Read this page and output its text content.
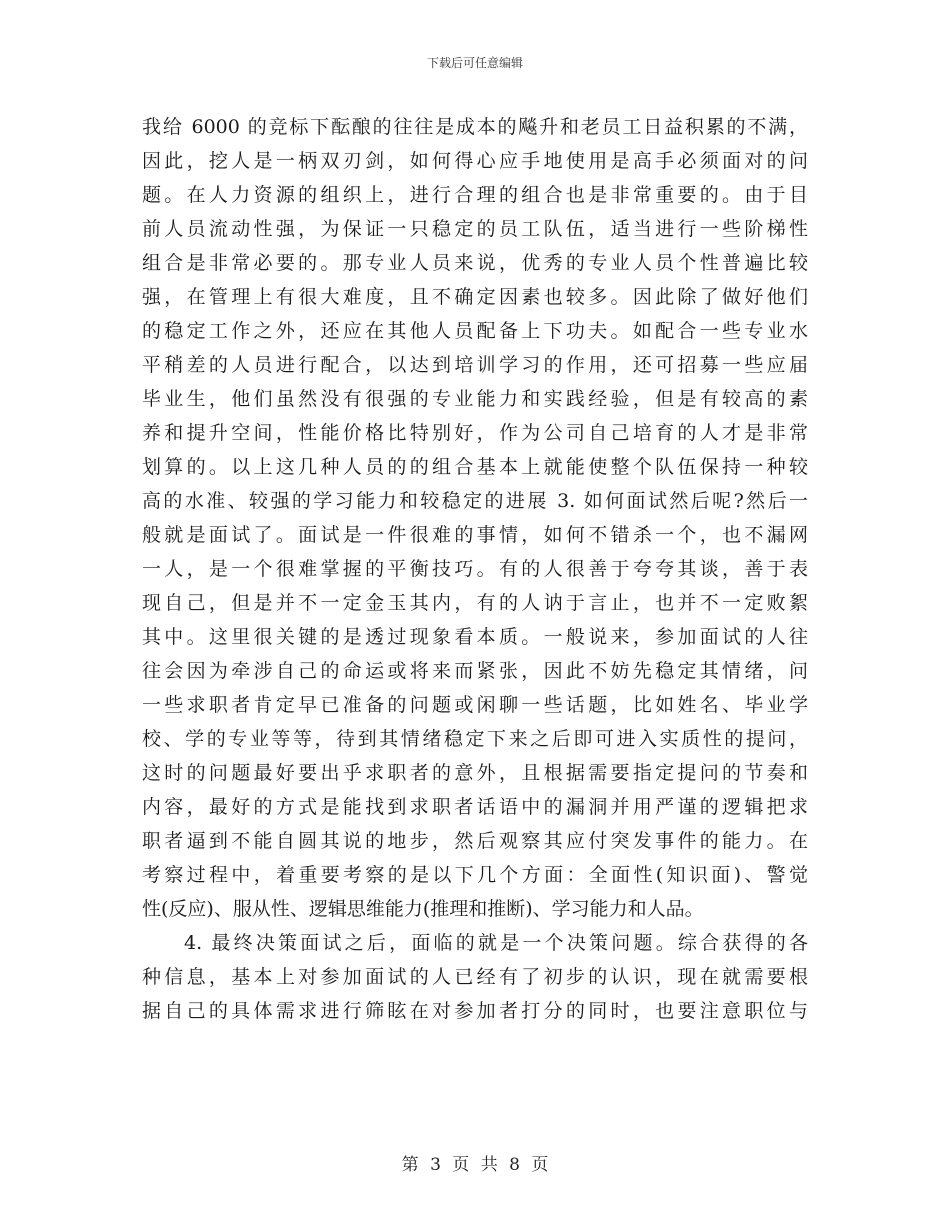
下载后可任意编辑
我给 6000 的竞标下酝酿的往往是成本的飚升和老员工日益积累的不满，
因此，挖人是一柄双刃剑，如何得心应手地使用是高手必须面对的问
题。在人力资源的组织上，进行合理的组合也是非常重要的。由于目
前人员流动性强，为保证一只稳定的员工队伍，适当进行一些阶梯性
组合是非常必要的。那专业人员来说，优秀的专业人员个性普遍比较
强，在管理上有很大难度，且不确定因素也较多。因此除了做好他们
的稳定工作之外，还应在其他人员配备上下功夫。如配合一些专业水
平稍差的人员进行配合，以达到培训学习的作用，还可招募一些应届
毕业生，他们虽然没有很强的专业能力和实践经验，但是有较高的素
养和提升空间，性能价格比特别好，作为公司自己培育的人才是非常
划算的。以上这几种人员的的组合基本上就能使整个队伍保持一种较
高的水准、较强的学习能力和较稳定的进展 3. 如何面试然后呢?然后一
般就是面试了。面试是一件很难的事情，如何不错杀一个，也不漏网
一人，是一个很难掌握的平衡技巧。有的人很善于夸夸其谈，善于表
现自己，但是并不一定金玉其内，有的人讷于言止，也并不一定败絮
其中。这里很关键的是透过现象看本质。一般说来，参加面试的人往
往会因为牵涉自己的命运或将来而紧张，因此不妨先稳定其情绪，问
一些求职者肯定早已准备的问题或闲聊一些话题，比如姓名、毕业学
校、学的专业等等，待到其情绪稳定下来之后即可进入实质性的提问，
这时的问题最好要出乎求职者的意外，且根据需要指定提问的节奏和
内容，最好的方式是能找到求职者话语中的漏洞并用严谨的逻辑把求
职者逼到不能自圆其说的地步，然后观察其应付突发事件的能力。在
考察过程中，着重要考察的是以下几个方面：全面性(知识面)、警觉
性(反应)、服从性、逻辑思维能力(推理和推断)、学习能力和人品。
4. 最终决策面试之后，面临的就是一个决策问题。综合获得的各
种信息，基本上对参加面试的人已经有了初步的认识，现在就需要根
据自己的具体需求进行筛眩在对参加者打分的同时，也要注意职位与
第 3 页 共 8 页
